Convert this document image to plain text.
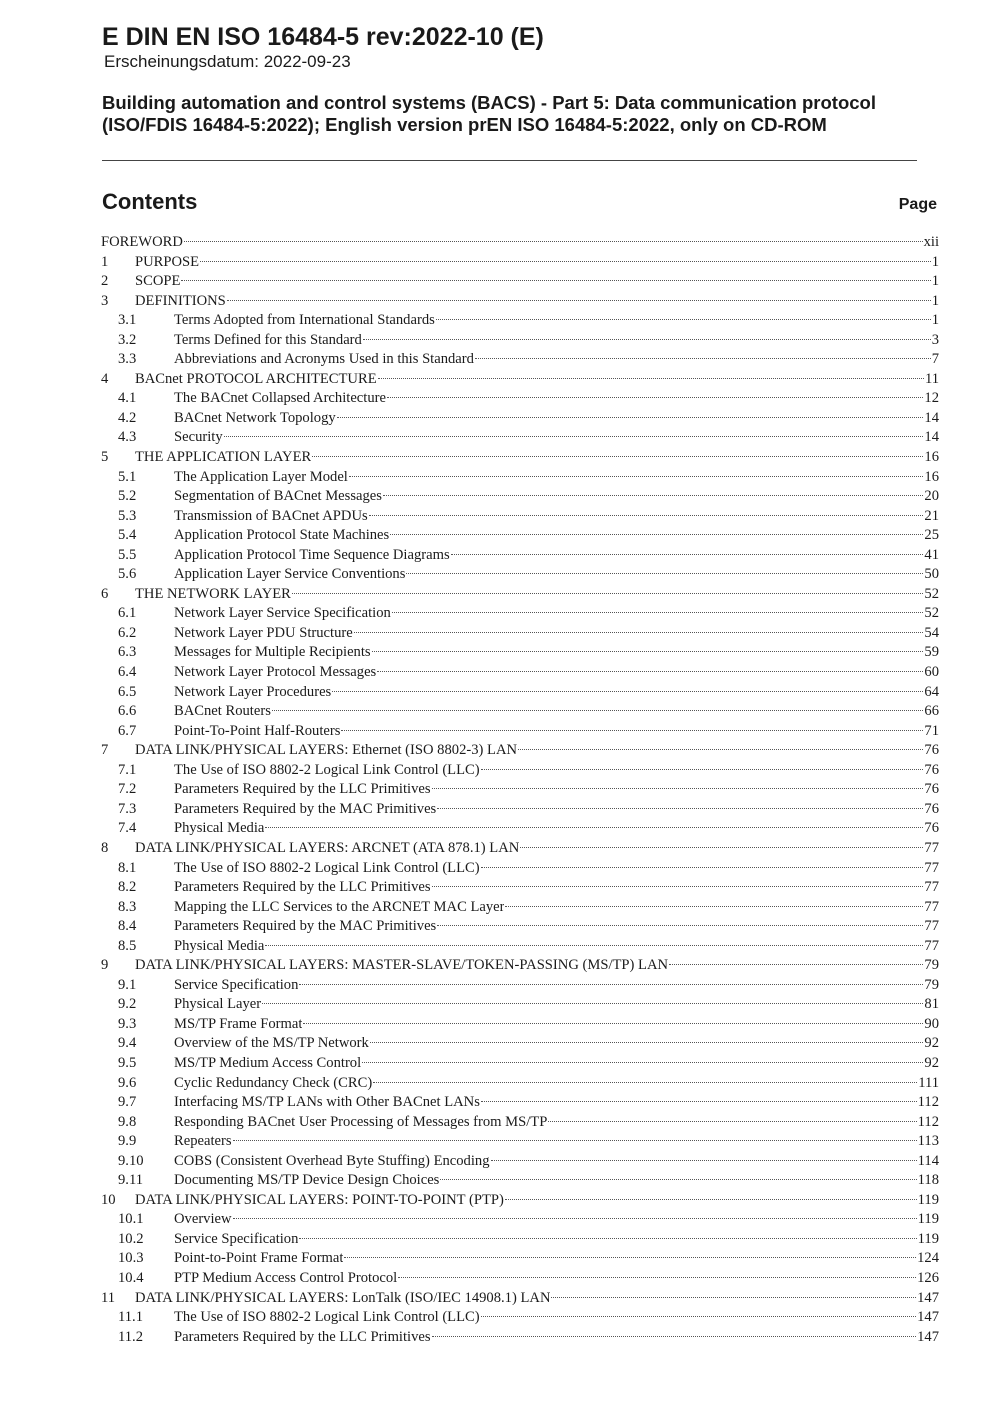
E DIN EN ISO 16484-5 rev:2022-10 (E)
Erscheinungsdatum: 2022-09-23
Building automation and control systems (BACS) - Part 5: Data communication protocol (ISO/FDIS 16484-5:2022); English version prEN ISO 16484-5:2022, only on CD-ROM
Contents	Page
FOREWORD	xii
1	PURPOSE	1
2	SCOPE	1
3	DEFINITIONS	1
3.1	Terms Adopted from International Standards	1
3.2	Terms Defined for this Standard	3
3.3	Abbreviations and Acronyms Used in this Standard	7
4	BACnet PROTOCOL ARCHITECTURE	11
4.1	The BACnet Collapsed Architecture	12
4.2	BACnet Network Topology	14
4.3	Security	14
5	THE APPLICATION LAYER	16
5.1	The Application Layer Model	16
5.2	Segmentation of BACnet Messages	20
5.3	Transmission of BACnet APDUs	21
5.4	Application Protocol State Machines	25
5.5	Application Protocol Time Sequence Diagrams	41
5.6	Application Layer Service Conventions	50
6	THE NETWORK LAYER	52
6.1	Network Layer Service Specification	52
6.2	Network Layer PDU Structure	54
6.3	Messages for Multiple Recipients	59
6.4	Network Layer Protocol Messages	60
6.5	Network Layer Procedures	64
6.6	BACnet Routers	66
6.7	Point-To-Point Half-Routers	71
7	DATA LINK/PHYSICAL LAYERS: Ethernet (ISO 8802-3) LAN	76
7.1	The Use of ISO 8802-2 Logical Link Control (LLC)	76
7.2	Parameters Required by the LLC Primitives	76
7.3	Parameters Required by the MAC Primitives	76
7.4	Physical Media	76
8	DATA LINK/PHYSICAL LAYERS: ARCNET (ATA 878.1) LAN	77
8.1	The Use of ISO 8802-2 Logical Link Control (LLC)	77
8.2	Parameters Required by the LLC Primitives	77
8.3	Mapping the LLC Services to the ARCNET MAC Layer	77
8.4	Parameters Required by the MAC Primitives	77
8.5	Physical Media	77
9	DATA LINK/PHYSICAL LAYERS: MASTER-SLAVE/TOKEN-PASSING (MS/TP) LAN	79
9.1	Service Specification	79
9.2	Physical Layer	81
9.3	MS/TP Frame Format	90
9.4	Overview of the MS/TP Network	92
9.5	MS/TP Medium Access Control	92
9.6	Cyclic Redundancy Check (CRC)	111
9.7	Interfacing MS/TP LANs with Other BACnet LANs	112
9.8	Responding BACnet User Processing of Messages from MS/TP	112
9.9	Repeaters	113
9.10	COBS (Consistent Overhead Byte Stuffing) Encoding	114
9.11	Documenting MS/TP Device Design Choices	118
10	DATA LINK/PHYSICAL LAYERS: POINT-TO-POINT (PTP)	119
10.1	Overview	119
10.2	Service Specification	119
10.3	Point-to-Point Frame Format	124
10.4	PTP Medium Access Control Protocol	126
11	DATA LINK/PHYSICAL LAYERS: LonTalk (ISO/IEC 14908.1) LAN	147
11.1	The Use of ISO 8802-2 Logical Link Control (LLC)	147
11.2	Parameters Required by the LLC Primitives	147
